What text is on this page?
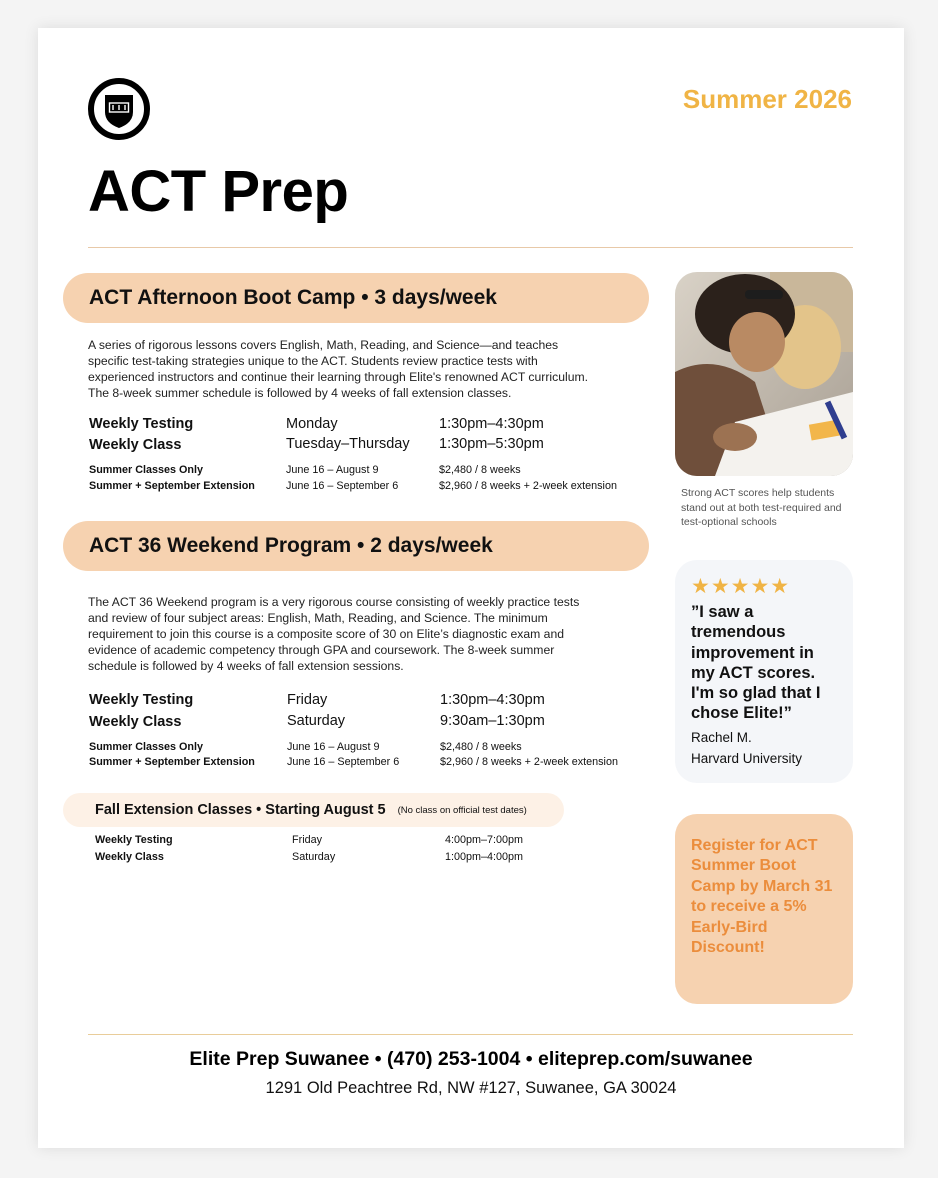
Summer 2026
ACT Prep
ACT Afternoon Boot Camp • 3 days/week
A series of rigorous lessons covers English, Math, Reading, and Science—and teaches specific test-taking strategies unique to the ACT. Students review practice tests with experienced instructors and continue their learning through Elite's renowned ACT curriculum. The 8-week summer schedule is followed by 4 weeks of fall extension classes.
Weekly Testing	Monday	1:30pm–4:30pm
Weekly Class	Tuesday–Thursday 1:30pm–5:30pm
Summer Classes Only	June 16 – August 9	$2,480 / 8 weeks
Summer + September Extension	June 16 – September 6	$2,960 / 8 weeks + 2-week extension
ACT 36 Weekend Program • 2 days/week
The ACT 36 Weekend program is a very rigorous course consisting of weekly practice tests and review of four subject areas: English, Math, Reading, and Science. The minimum requirement to join this course is a composite score of 30 on Elite’s diagnostic exam and evidence of academic competency through GPA and coursework. The 8-week summer schedule is followed by 4 weeks of fall extension sessions.
Weekly Testing	Friday	1:30pm–4:30pm
Weekly Class	Saturday	9:30am–1:30pm
Summer Classes Only	June 16 – August 9	$2,480 / 8 weeks
Summer + September Extension	June 16 – September 6	$2,960 / 8 weeks + 2-week extension
Fall Extension Classes • Starting August 5 (No class on official test dates)
Weekly Testing	Friday	4:00pm–7:00pm
Weekly Class	Saturday	1:00pm–4:00pm
Strong ACT scores help students stand out at both test-required and test-optional schools
★★★★★
”I saw a tremendous improvement in my ACT scores. I'm so glad that I chose Elite!”
Rachel M.
Harvard University
Register for ACT Summer Boot Camp by March 31 to receive a 5% Early-Bird Discount!
Elite Prep Suwanee • (470) 253-1004 • eliteprep.com/suwanee
1291 Old Peachtree Rd, NW #127, Suwanee, GA 30024
